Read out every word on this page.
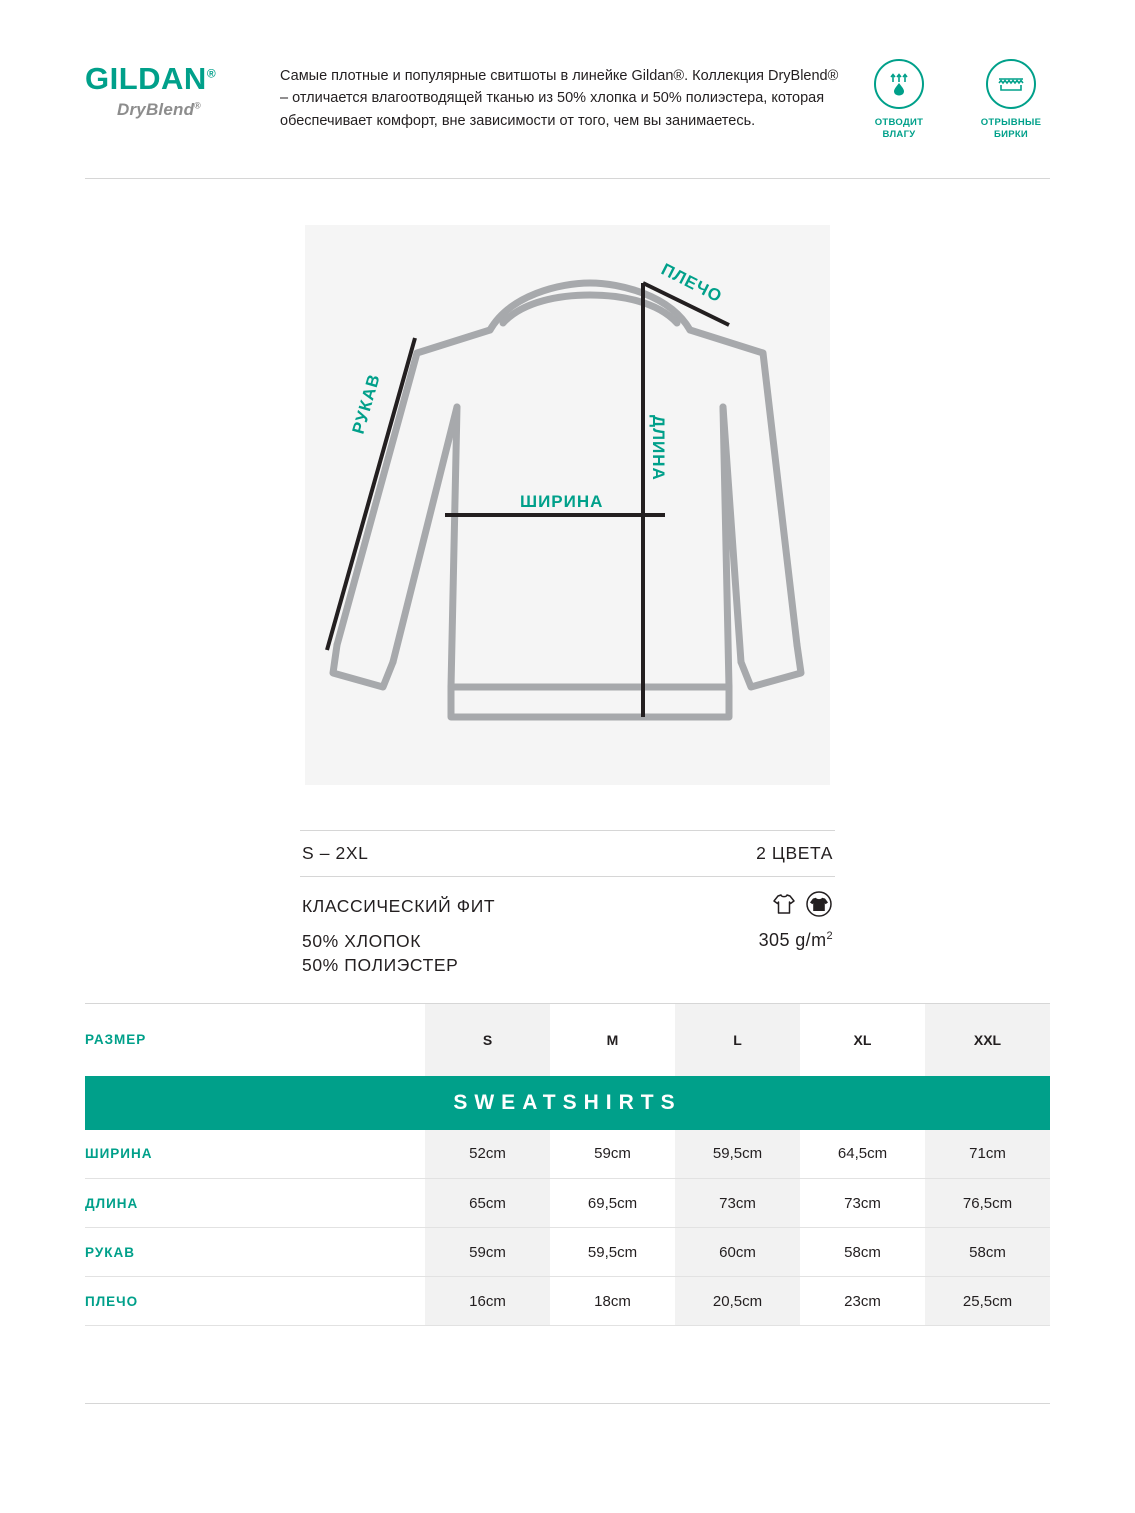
GILDAN®
DryBlend®
Самые плотные и популярные свитшоты в линейке Gildan®. Коллекция DryBlend® – отличается влагоотводящей тканью из 50% хлопка и 50% полиэстера, которая обеспечивает комфорт, вне зависимости от того, чем вы занимаетесь.	ОТВОДИТ ВЛАГУ
ОТРЫВНЫЕ БИРКИ
ПЛЕЧО
РУКАВ
ДЛИНА
ШИРИНА
S – 2XL	2 ЦВЕТА
КЛАССИЧЕСКИЙ ФИТ
50% ХЛОПОК
50% ПОЛИЭСТЕР
305 $g/m^2$
РАЗМЕР	S	M	L	XL	XXL
SWEATSHIRTS					
ШИРИНА	52cm	59cm	59,5cm	64,5cm	71cm
ДЛИНА	65cm	69,5cm	73cm	73cm	76,5cm
РУКАВ	59cm	59,5cm	60cm	58cm	58cm
ПЛЕЧО	16cm	18cm	20,5cm	23cm	25,5cm
